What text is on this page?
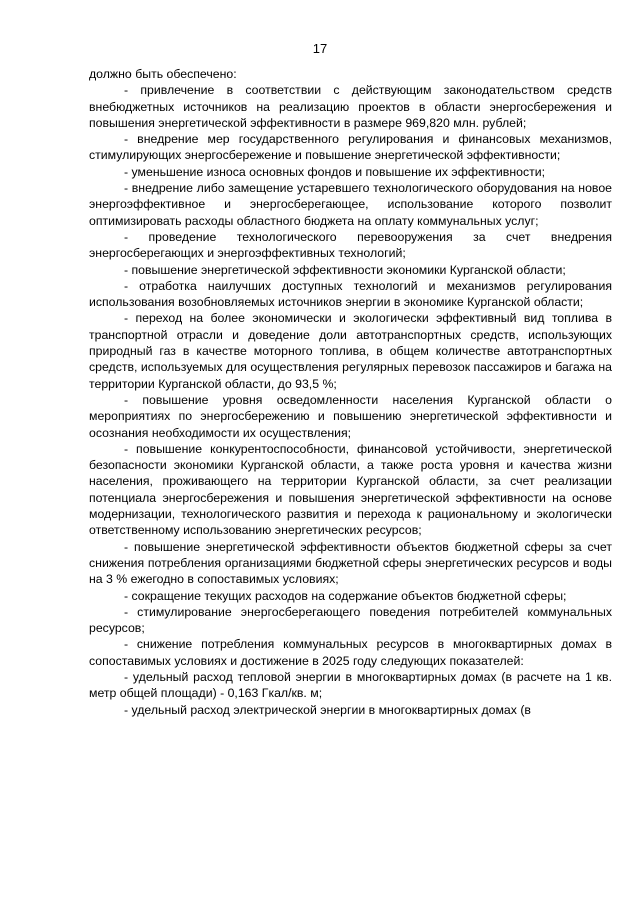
17

должно быть обеспечено:

- привлечение в соответствии с действующим законодательством средств внебюджетных источников на реализацию проектов в области энергосбережения и повышения энергетической эффективности в размере 969,820 млн. рублей;

- внедрение мер государственного регулирования и финансовых механизмов, стимулирующих энергосбережение и повышение энергетической эффективности;

- уменьшение износа основных фондов и повышение их эффективности;

- внедрение либо замещение устаревшего технологического оборудования на новое энергоэффективное и энергосберегающее, использование которого позволит оптимизировать расходы областного бюджета на оплату коммунальных услуг;

- проведение технологического перевооружения за счет внедрения энергосберегающих и энергоэффективных технологий;

- повышение энергетической эффективности экономики Курганской области;

- отработка наилучших доступных технологий и механизмов регулирования использования возобновляемых источников энергии в экономике Курганской области;

- переход на более экономически и экологически эффективный вид топлива в транспортной отрасли и доведение доли автотранспортных средств, использующих природный газ в качестве моторного топлива, в общем количестве автотранспортных средств, используемых для осуществления регулярных перевозок пассажиров и багажа на территории Курганской области, до 93,5 %;

- повышение уровня осведомленности населения Курганской области о мероприятиях по энергосбережению и повышению энергетической эффективности и осознания необходимости их осуществления;

- повышение конкурентоспособности, финансовой устойчивости, энергетической безопасности экономики Курганской области, а также роста уровня и качества жизни населения, проживающего на территории Курганской области, за счет реализации потенциала энергосбережения и повышения энергетической эффективности на основе модернизации, технологического развития и перехода к рациональному и экологически ответственному использованию энергетических ресурсов;

- повышение энергетической эффективности объектов бюджетной сферы за счет снижения потребления организациями бюджетной сферы энергетических ресурсов и воды на 3 % ежегодно в сопоставимых условиях;

- сокращение текущих расходов на содержание объектов бюджетной сферы;

- стимулирование энергосберегающего поведения потребителей коммунальных ресурсов;

- снижение потребления коммунальных ресурсов в многоквартирных домах в сопоставимых условиях и достижение в 2025 году следующих показателей:

- удельный расход тепловой энергии в многоквартирных домах (в расчете на 1 кв. метр общей площади) - 0,163 Гкал/кв. м;

- удельный расход электрической энергии в многоквартирных домах (в
